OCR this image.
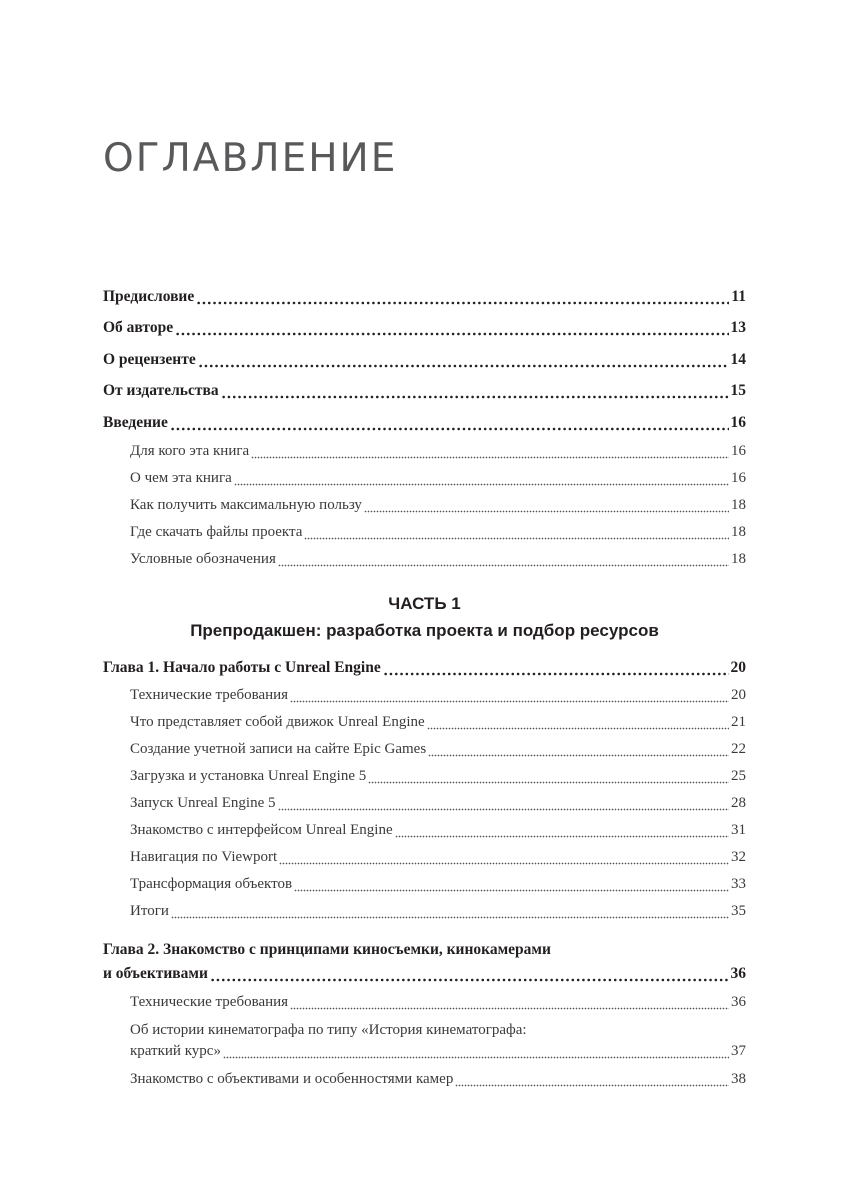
ОГЛАВЛЕНИЕ
Предисловие	11
Об авторе	13
О рецензенте	14
От издательства	15
Введение	16
Для кого эта книга	16
О чем эта книга	16
Как получить максимальную пользу	18
Где скачать файлы проекта	18
Условные обозначения	18
ЧАСТЬ 1
Препродакшен: разработка проекта и подбор ресурсов
Глава 1. Начало работы с Unreal Engine	20
Технические требования	20
Что представляет собой движок Unreal Engine	21
Создание учетной записи на сайте Epic Games	22
Загрузка и установка Unreal Engine 5	25
Запуск Unreal Engine 5	28
Знакомство с интерфейсом Unreal Engine	31
Навигация по Viewport	32
Трансформация объектов	33
Итоги	35
Глава 2. Знакомство с принципами киносъемки, кинокамерами
и объективами	36
Технические требования	36
Об истории кинематографа по типу «История кинематографа:
краткий курс»	37
Знакомство с объективами и особенностями камер	38
